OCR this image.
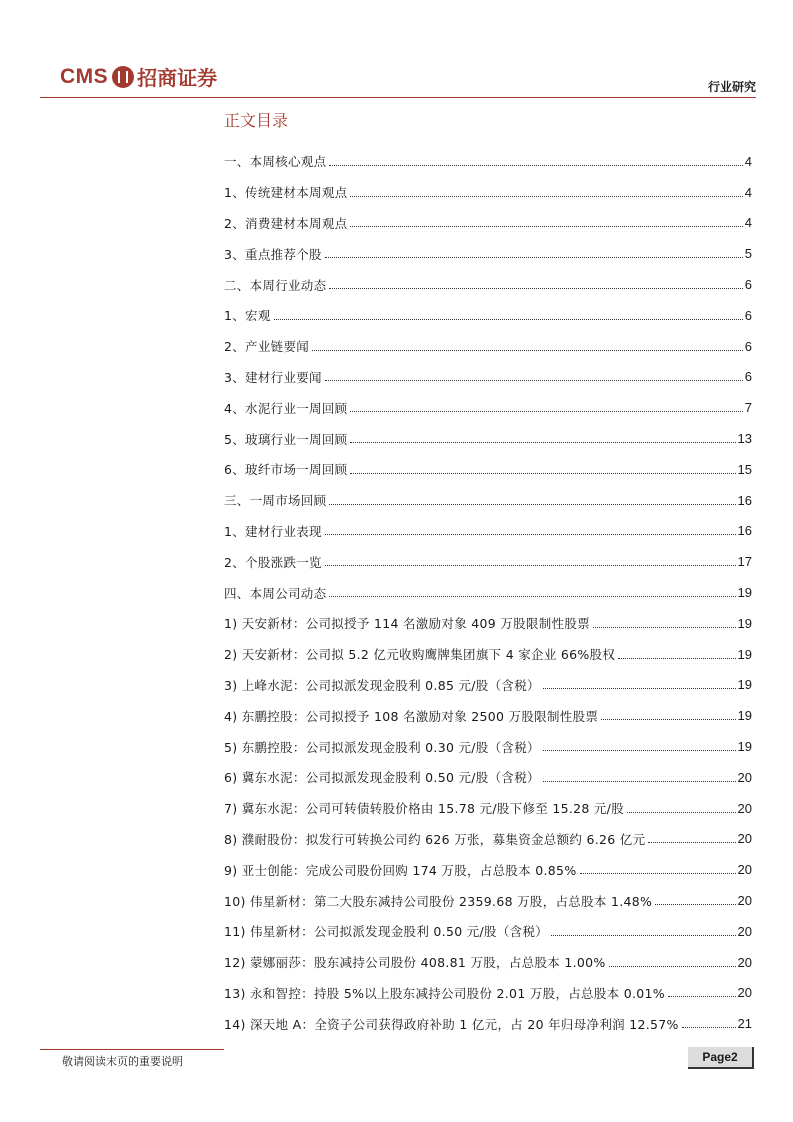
CMS 招商证券	行业研究
正文目录
一、本周核心观点	4
1、传统建材本周观点	4
2、消费建材本周观点	4
3、重点推荐个股	5
二、本周行业动态	6
1、宏观	6
2、产业链要闻	6
3、建材行业要闻	6
4、水泥行业一周回顾	7
5、玻璃行业一周回顾	13
6、玻纤市场一周回顾	15
三、一周市场回顾	16
1、建材行业表现	16
2、个股涨跌一览	17
四、本周公司动态	19
1) 天安新材：公司拟授予 114 名激励对象 409 万股限制性股票	19
2) 天安新材：公司拟 5.2 亿元收购鹰牌集团旗下 4 家企业 66%股权	19
3) 上峰水泥：公司拟派发现金股利 0.85 元/股（含税）	19
4) 东鹏控股：公司拟授予 108 名激励对象 2500 万股限制性股票	19
5) 东鹏控股：公司拟派发现金股利 0.30 元/股（含税）	19
6) 冀东水泥：公司拟派发现金股利 0.50 元/股（含税）	20
7) 冀东水泥：公司可转债转股价格由 15.78 元/股下修至 15.28 元/股	20
8) 濮耐股份：拟发行可转换公司约 626 万张，募集资金总额约 6.26 亿元	20
9) 亚士创能：完成公司股份回购 174 万股，占总股本 0.85%	20
10) 伟星新材：第二大股东减持公司股份 2359.68 万股，占总股本 1.48%	20
11) 伟星新材：公司拟派发现金股利 0.50 元/股（含税）	20
12) 蒙娜丽莎：股东减持公司股份 408.81 万股，占总股本 1.00%	20
13) 永和智控：持股 5%以上股东减持公司股份 2.01 万股，占总股本 0.01%	20
14) 深天地 A：全资子公司获得政府补助 1 亿元，占 20 年归母净利润 12.57%	21
敬请阅读末页的重要说明	Page2
